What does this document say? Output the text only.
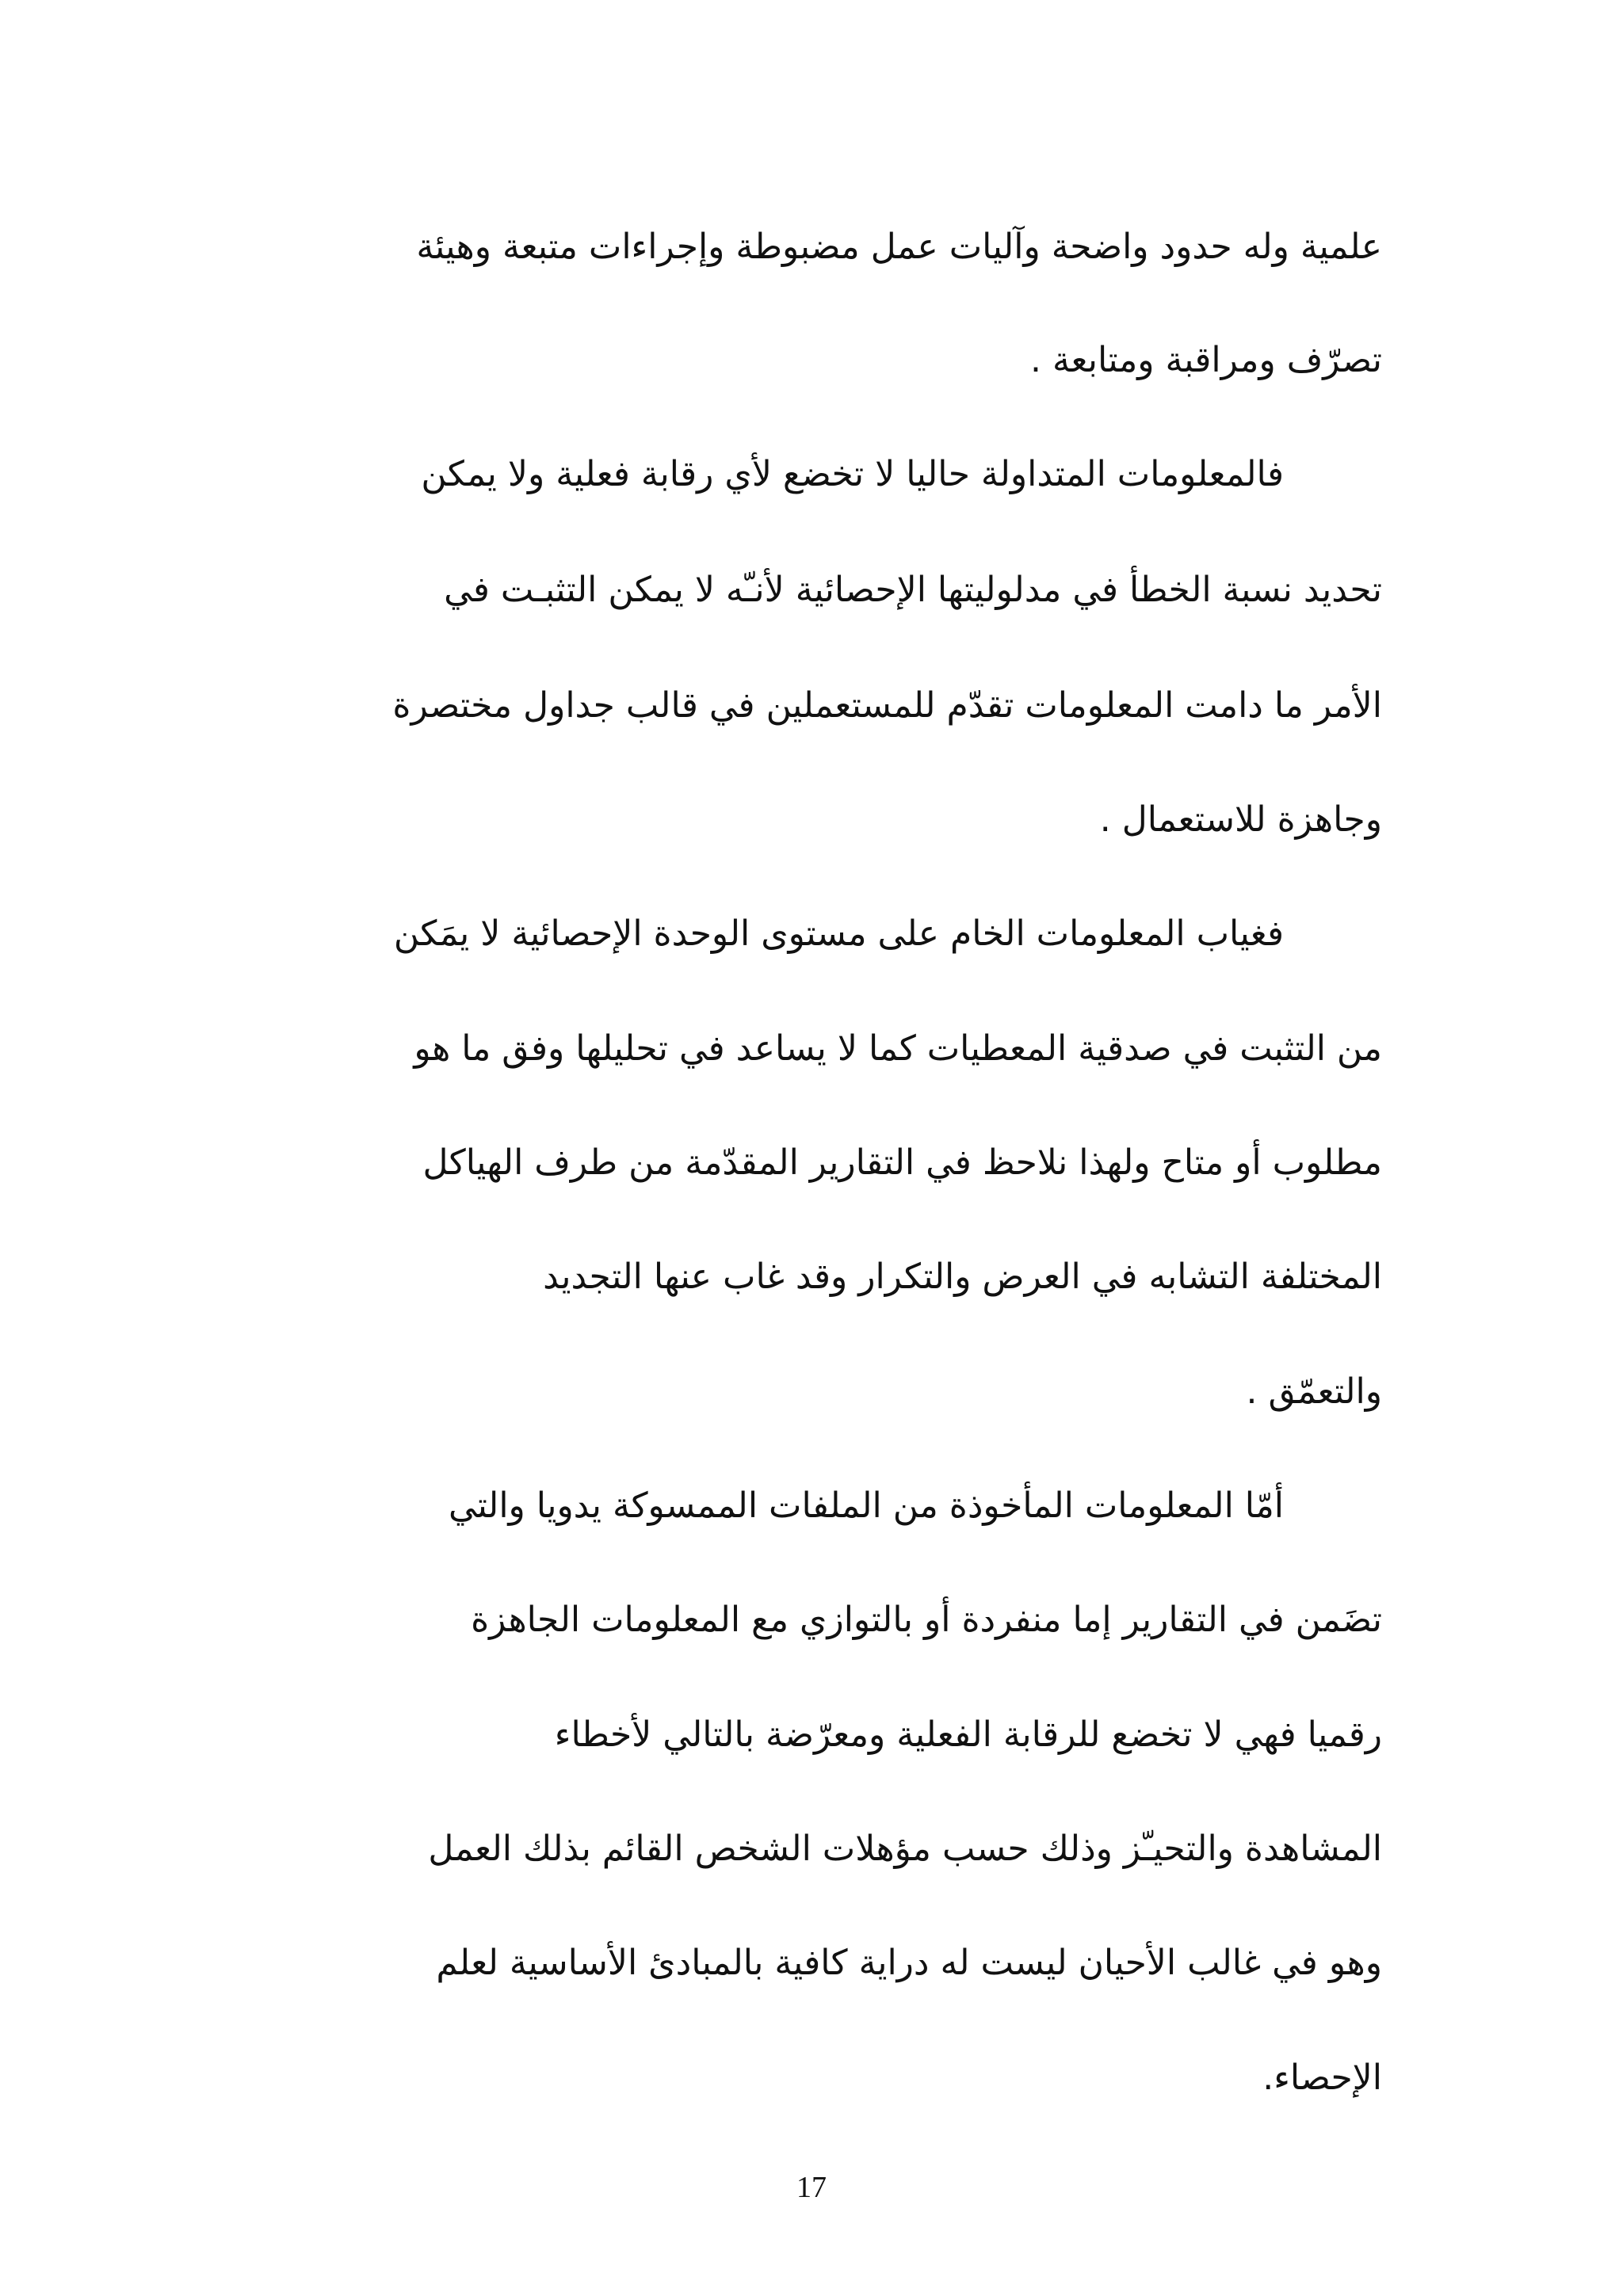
علمية وله حدود واضحة وآليات عمل مضبوطة وإجراءات متبعة وهيئة
تصرّف ومراقبة ومتابعة .
فالمعلومات المتداولة حاليا لا تخضع لأي رقابة فعلية ولا يمكن
تحديد نسبة الخطأ في مدلوليتها الإحصائية لأنـّه لا يمكن التثبـت في
الأمر ما دامت المعلومات تقدّم للمستعملين في قالب جداول مختصرة
وجاهزة للاستعمال .
فغياب المعلومات الخام على مستوى الوحدة الإحصائية لا يمَكن
من التثبت في صدقية المعطيات كما لا يساعد في تحليلها وفق ما هو
مطلوب أو متاح ولهذا نلاحظ في التقارير المقدّمة من طرف الهياكل
المختلفة التشابه في العرض والتكرار وقد غاب عنها التجديد
والتعمّق .
أمّا المعلومات المأخوذة من الملفات الممسوكة يدويا والتي
تضَمن في التقارير إما منفردة أو بالتوازي مع المعلومات الجاهزة
رقميا فهي لا تخضع للرقابة الفعلية ومعرّضة بالتالي لأخطاء
المشاهدة والتحيـّز وذلك حسب مؤهلات الشخص القائم بذلك العمل
وهو في غالب الأحيان ليست له دراية كافية بالمبادئ الأساسية لعلم
الإحصاء.
17
